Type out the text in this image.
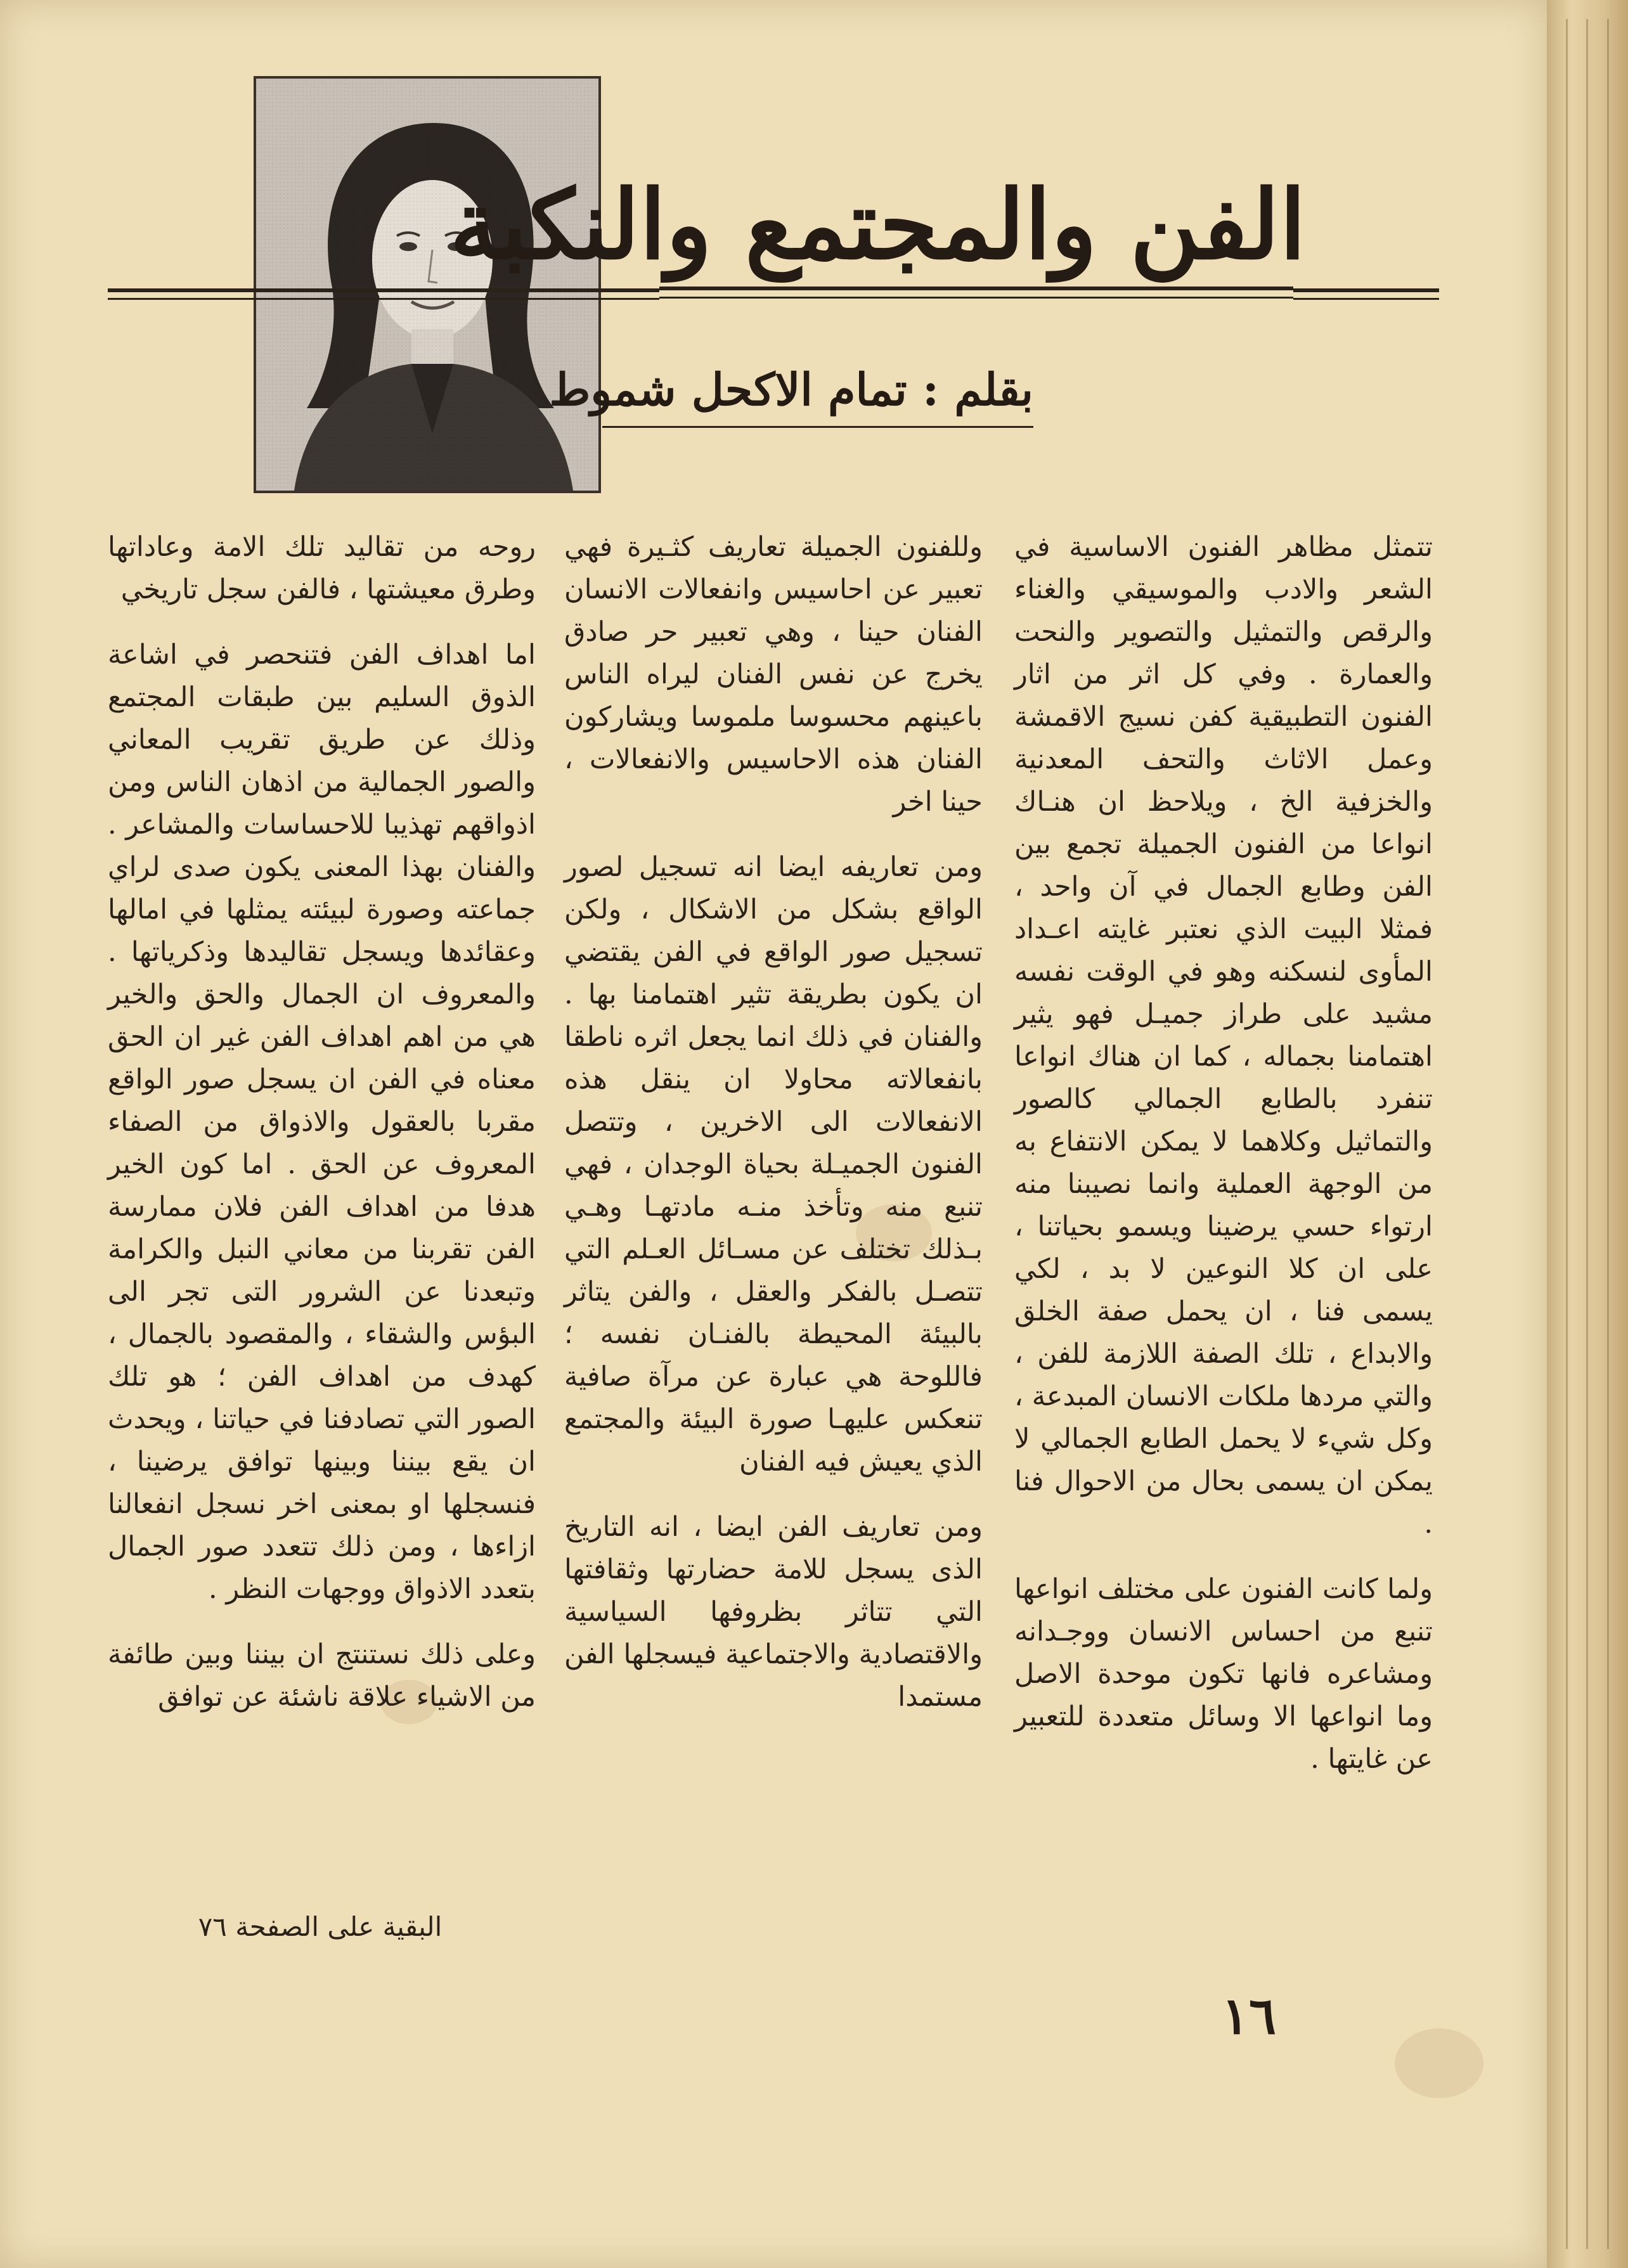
الفن والمجتمع والنكبة
بقلم : تمام الاكحل شموط

تتمثل مظاهر الفنون الاساسية في الشعر والادب والموسيقي والغناء والرقص والتمثيل والتصوير والنحت والعمارة . وفي كل اثر من اثار الفنون التطبيقية كفن نسيج الاقمشة وعمل الاثاث والتحف المعدنية والخزفية الخ ، ويلاحظ ان هنـاك انواعا من الفنون الجميلة تجمع بين الفن وطابع الجمال في آن واحد ، فمثلا البيت الذي نعتبر غايته اعـداد المأوى لنسكنه وهو في الوقت نفسه مشيد على طراز جميـل فهو يثير اهتمامنا بجماله ، كما ان هناك انواعا تنفرد بالطابع الجمالي كالصور والتماثيل وكلاهما لا يمكن الانتفاع به من الوجهة العملية وانما نصيبنا منه ارتواء حسي يرضينا ويسمو بحياتنا ، على ان كلا النوعين لا بد ، لكي يسمى فنا ، ان يحمل صفة الخلق والابداع ، تلك الصفة اللازمة للفن ، والتي مردها ملكات الانسان المبدعة ، وكل شيء لا يحمل الطابع الجمالي لا يمكن ان يسمى بحال من الاحوال فنا .

ولما كانت الفنون على مختلف انواعها تنبع من احساس الانسان ووجـدانه ومشاعره فانها تكون موحدة الاصل وما انواعها الا وسائل متعددة للتعبير عن غايتها .

وللفنون الجميلة تعاريف كثـيرة فهي تعبير عن احاسيس وانفعالات الانسان الفنان حينا ، وهي تعبير حر صادق يخرج عن نفس الفنان ليراه الناس باعينهم محسوسا ملموسا ويشاركون الفنان هذه الاحاسيس والانفعالات ، حينا اخر

ومن تعاريفه ايضا انه تسجيل لصور الواقع بشكل من الاشكال ، ولكن تسجيل صور الواقع في الفن يقتضي ان يكون بطريقة تثير اهتمامنا بها . والفنان في ذلك انما يجعل اثره ناطقا بانفعالاته محاولا ان ينقل هذه الانفعالات الى الاخرين ، وتتصل الفنون الجميـلة بحياة الوجدان ، فهي تنبع منه وتأخذ منـه مادتهـا وهـي بـذلك تختلف عن مسـائل العـلم التي تتصـل بالفكر والعقل ، والفن يتاثر بالبيئة المحيطة بالفنـان نفسه ؛ فاللوحة هي عبارة عن مرآة صافية تنعكس عليهـا صورة البيئة والمجتمع الذي يعيش فيه الفنان

ومن تعاريف الفن ايضا ، انه التاريخ الذى يسجل للامة حضارتها وثقافتها التي تتاثر بظروفها السياسية والاقتصادية والاجتماعية فيسجلها الفن مستمدا

روحه من تقاليد تلك الامة وعاداتها وطرق معيشتها ، فالفن سجل تاريخي

اما اهداف الفن فتنحصر في اشاعة الذوق السليم بين طبقات المجتمع وذلك عن طريق تقريب المعاني والصور الجمالية من اذهان الناس ومن اذواقهم تهذيبا للاحساسات والمشاعر . والفنان بهذا المعنى يكون صدى لراي جماعته وصورة لبيئته يمثلها في امالها وعقائدها ويسجل تقاليدها وذكرياتها . والمعروف ان الجمال والحق والخير هي من اهم اهداف الفن غير ان الحق معناه في الفن ان يسجل صور الواقع مقربا بالعقول والاذواق من الصفاء المعروف عن الحق . اما كون الخير هدفا من اهداف الفن فلان ممارسة الفن تقربنا من معاني النبل والكرامة وتبعدنا عن الشرور التى تجر الى البؤس والشقاء ، والمقصود بالجمال ، كهدف من اهداف الفن ؛ هو تلك الصور التي تصادفنا في حياتنا ، ويحدث ان يقع بيننا وبينها توافق يرضينا ، فنسجلها او بمعنى اخر نسجل انفعالنا ازاءها ، ومن ذلك تتعدد صور الجمال بتعدد الاذواق ووجهات النظر .

وعلى ذلك نستنتج ان بيننا وبين طائفة من الاشياء علاقة ناشئة عن توافق

البقية على الصفحة ٧٦
١٦
